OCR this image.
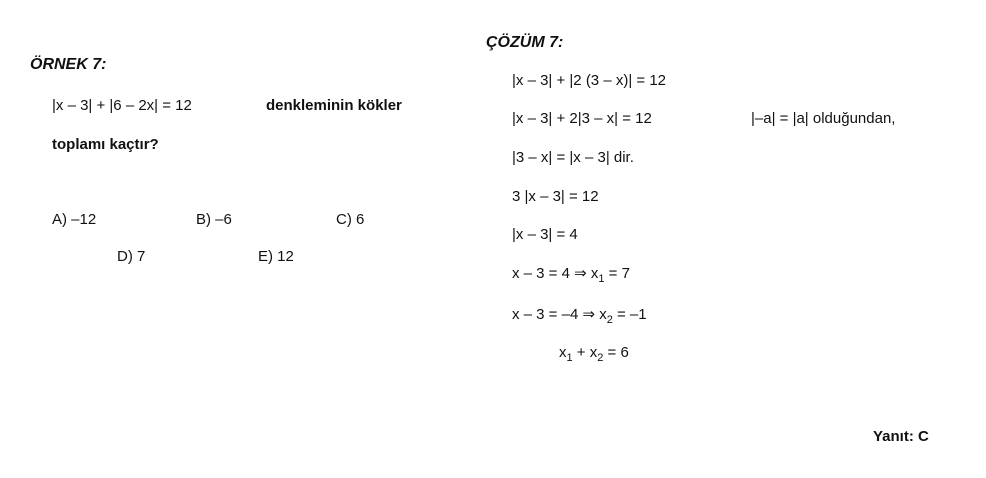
ÖRNEK 7:
|x – 3| + |6 – 2x| = 12	denkleminin kökler
toplamı kaçtır?
A) –12	B) –6	C) 6
D) 7	E) 12
ÇÖZÜM 7:
|x – 3| + |2 (3 – x)| = 12
|x – 3| + 2|3 – x| = 12	|–a| = |a| olduğundan,
|3 – x| = |x – 3| dir.
3 |x – 3| = 12
|x – 3| = 4
x – 3 = 4 ⇒ $x_1 = 7$
x – 3 = –4 ⇒ $x_2 = -1$
$x_1 + x_2 = 6$
Yanıt: C
